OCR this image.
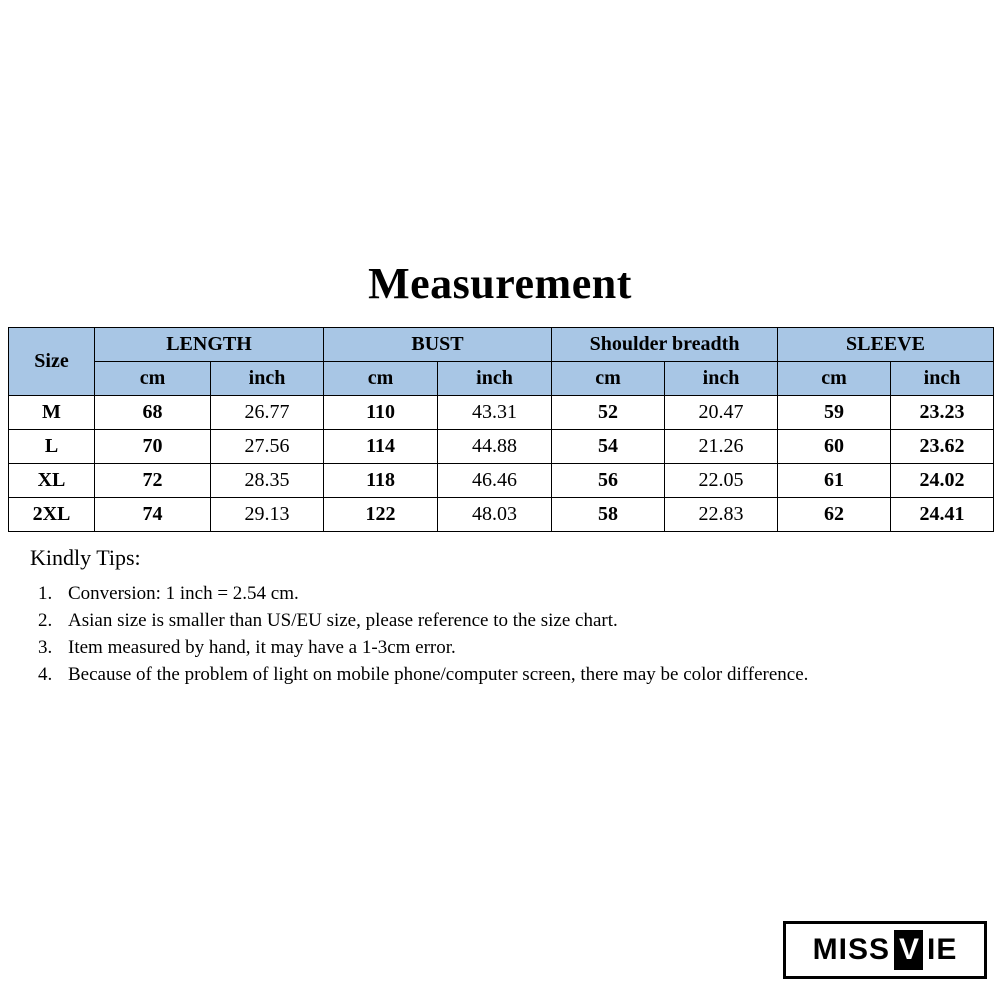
Measurement
Size	LENGTH		BUST		Shoulder breadth		SLEEVE	
	cm	inch	cm	inch	cm	inch	cm	inch
M	68	26.77	110	43.31	52	20.47	59	23.23
L	70	27.56	114	44.88	54	21.26	60	23.62
XL	72	28.35	118	46.46	56	22.05	61	24.02
2XL	74	29.13	122	48.03	58	22.83	62	24.41
Kindly Tips:
1. Conversion: 1 inch = 2.54 cm.
2. Asian size is smaller than US/EU size, please reference to the size chart.
3. Item measured by hand, it may have a 1-3cm error.
4. Because of the problem of light on mobile phone/computer screen, there may be color difference.
MISS V IE
